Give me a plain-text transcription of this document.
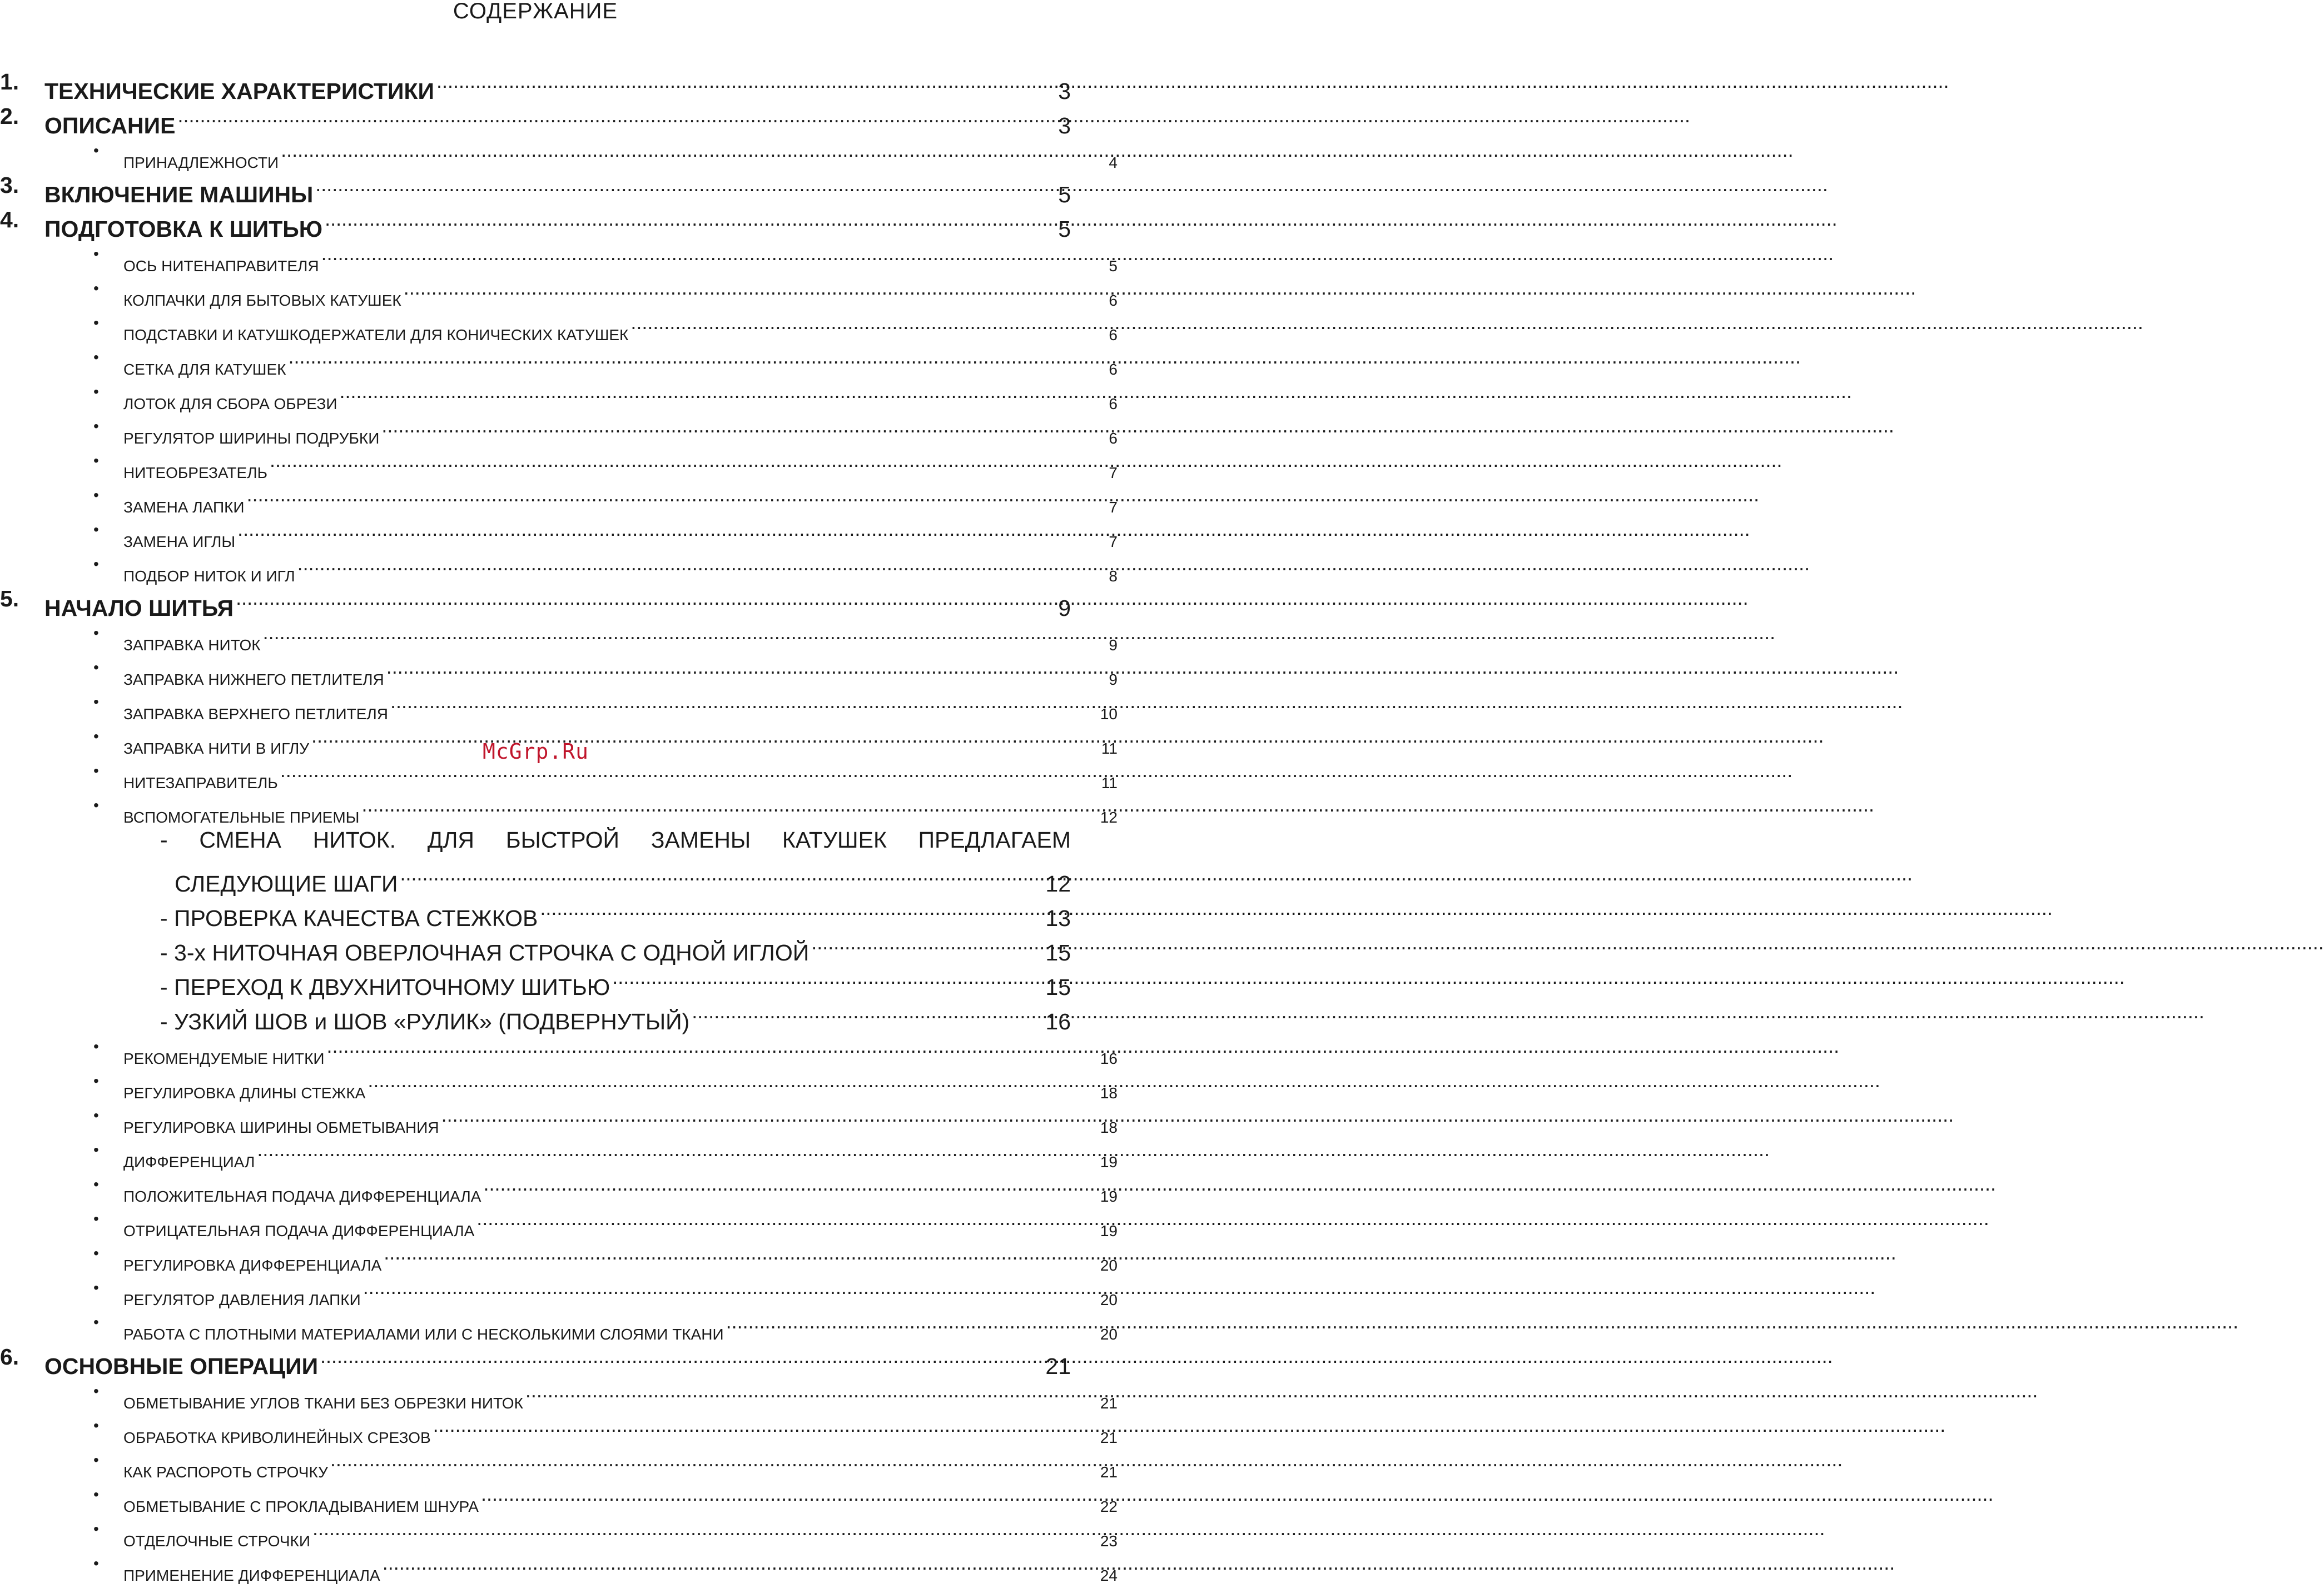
СОДЕРЖАНИЕ
1. ТЕХНИЧЕСКИЕ ХАРАКТЕРИСТИКИ .....	3
2. ОПИСАНИЕ .....	3
•
ПРИНАДЛЕЖНОСТИ .....	4
3. ВКЛЮЧЕНИЕ МАШИНЫ .....	5
4. ПОДГОТОВКА К ШИТЬЮ .....	5
•
ОСЬ НИТЕНАПРАВИТЕЛЯ .....	5
•
КОЛПАЧКИ ДЛЯ БЫТОВЫХ КАТУШЕК .....	6
•
ПОДСТАВКИ И КАТУШКОДЕРЖАТЕЛИ ДЛЯ КОНИЧЕСКИХ КАТУШЕК .....	6
•
СЕТКА ДЛЯ КАТУШЕК .....	6
•
ЛОТОК ДЛЯ СБОРА ОБРЕЗИ .....	6
•
РЕГУЛЯТОР ШИРИНЫ ПОДРУБКИ .....	6
•
НИТЕОБРЕЗАТЕЛЬ .....	7
•
ЗАМЕНА ЛАПКИ .....	7
•
ЗАМЕНА ИГЛЫ .....	7
•
ПОДБОР НИТОК И ИГЛ .....	8
5. НАЧАЛО ШИТЬЯ .....	9
•
ЗАПРАВКА НИТОК .....	9
•
ЗАПРАВКА НИЖНЕГО ПЕТЛИТЕЛЯ .....	9
•
ЗАПРАВКА ВЕРХНЕГО ПЕТЛИТЕЛЯ .....	10
•
ЗАПРАВКА НИТИ В ИГЛУ .....	11
•
НИТЕЗАПРАВИТЕЛЬ .....	11
•
ВСПОМОГАТЕЛЬНЫЕ ПРИЕМЫ .....	12
- СМЕНА НИТОК. ДЛЯ БЫСТРОЙ ЗАМЕНЫ КАТУШЕК ПРЕДЛАГАЕМ
СЛЕДУЮЩИЕ ШАГИ .....	12
- ПРОВЕРКА КАЧЕСТВА СТЕЖКОВ .....	13
- 3-х НИТОЧНАЯ ОВЕРЛОЧНАЯ СТРОЧКА С ОДНОЙ ИГЛОЙ .....	15
- ПЕРЕХОД К ДВУХНИТОЧНОМУ ШИТЬЮ .....	15
- УЗКИЙ ШОВ и ШОВ «РУЛИК» (ПОДВЕРНУТЫЙ) .....	16
•
РЕКОМЕНДУЕМЫЕ НИТКИ .....	16
•
РЕГУЛИРОВКА ДЛИНЫ СТЕЖКА .....	18
•
РЕГУЛИРОВКА ШИРИНЫ ОБМЕТЫВАНИЯ .....	18
•
ДИФФЕРЕНЦИАЛ .....	19
•
ПОЛОЖИТЕЛЬНАЯ ПОДАЧА ДИФФЕРЕНЦИАЛА .....	19
•
ОТРИЦАТЕЛЬНАЯ ПОДАЧА ДИФФЕРЕНЦИАЛА .....	19
•
РЕГУЛИРОВКА ДИФФЕРЕНЦИАЛА .....	20
•
РЕГУЛЯТОР ДАВЛЕНИЯ ЛАПКИ .....	20
•
РАБОТА С ПЛОТНЫМИ МАТЕРИАЛАМИ ИЛИ С НЕСКОЛЬКИМИ СЛОЯМИ ТКАНИ .....	20
6. ОСНОВНЫЕ ОПЕРАЦИИ .....	21
•
ОБМЕТЫВАНИЕ УГЛОВ ТКАНИ БЕЗ ОБРЕЗКИ НИТОК .....	21
•
ОБРАБОТКА КРИВОЛИНЕЙНЫХ СРЕЗОВ .....	21
•
КАК РАСПОРОТЬ СТРОЧКУ .....	21
•
ОБМЕТЫВАНИЕ С ПРОКЛАДЫВАНИЕМ ШНУРА .....	22
•
ОТДЕЛОЧНЫЕ СТРОЧКИ .....	23
•
ПРИМЕНЕНИЕ ДИФФЕРЕНЦИАЛА .....	24
McGrp.Ru
